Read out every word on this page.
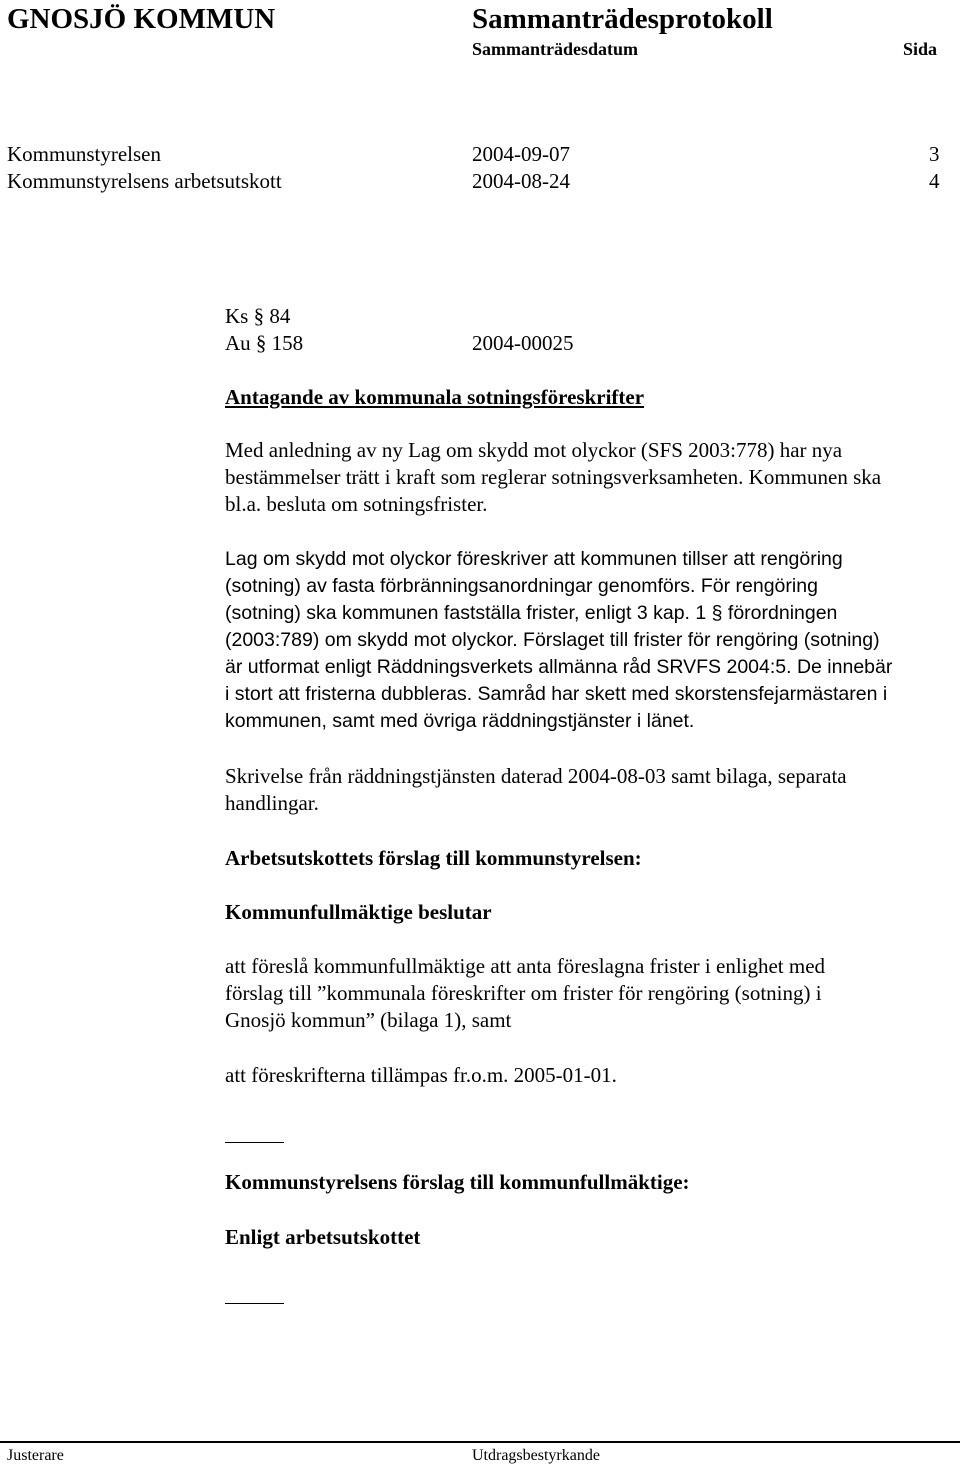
GNOSJÖ KOMMUN	Sammanträdesprotokoll
Sammanträdesdatum	Sida
Kommunstyrelsen	2004-09-07	3
Kommunstyrelsens arbetsutskott	2004-08-24	4
Ks § 84
Au § 158	2004-00025
Antagande av kommunala sotningsföreskrifter
Med anledning av ny Lag om skydd mot olyckor (SFS 2003:778) har nya
bestämmelser trätt i kraft som reglerar sotningsverksamheten. Kommunen ska
bl.a. besluta om sotningsfrister.
Lag om skydd mot olyckor föreskriver att kommunen tillser att rengöring
(sotning) av fasta förbränningsanordningar genomförs. För rengöring
(sotning) ska kommunen fastställa frister, enligt 3 kap. 1 § förordningen
(2003:789) om skydd mot olyckor. Förslaget till frister för rengöring (sotning)
är utformat enligt Räddningsverkets allmänna råd SRVFS 2004:5. De innebär
i stort att fristerna dubbleras. Samråd har skett med skorstensfejarmästaren i
kommunen, samt med övriga räddningstjänster i länet.
Skrivelse från räddningstjänsten daterad 2004-08-03 samt bilaga, separata
handlingar.
Arbetsutskottets förslag till kommunstyrelsen:
Kommunfullmäktige beslutar
att föreslå kommunfullmäktige att anta föreslagna frister i enlighet med
förslag till ”kommunala föreskrifter om frister för rengöring (sotning) i
Gnosjö kommun” (bilaga 1), samt
att föreskrifterna tillämpas fr.o.m. 2005-01-01.
Kommunstyrelsens förslag till kommunfullmäktige:
Enligt arbetsutskottet
Justerare	Utdragsbestyrkande
